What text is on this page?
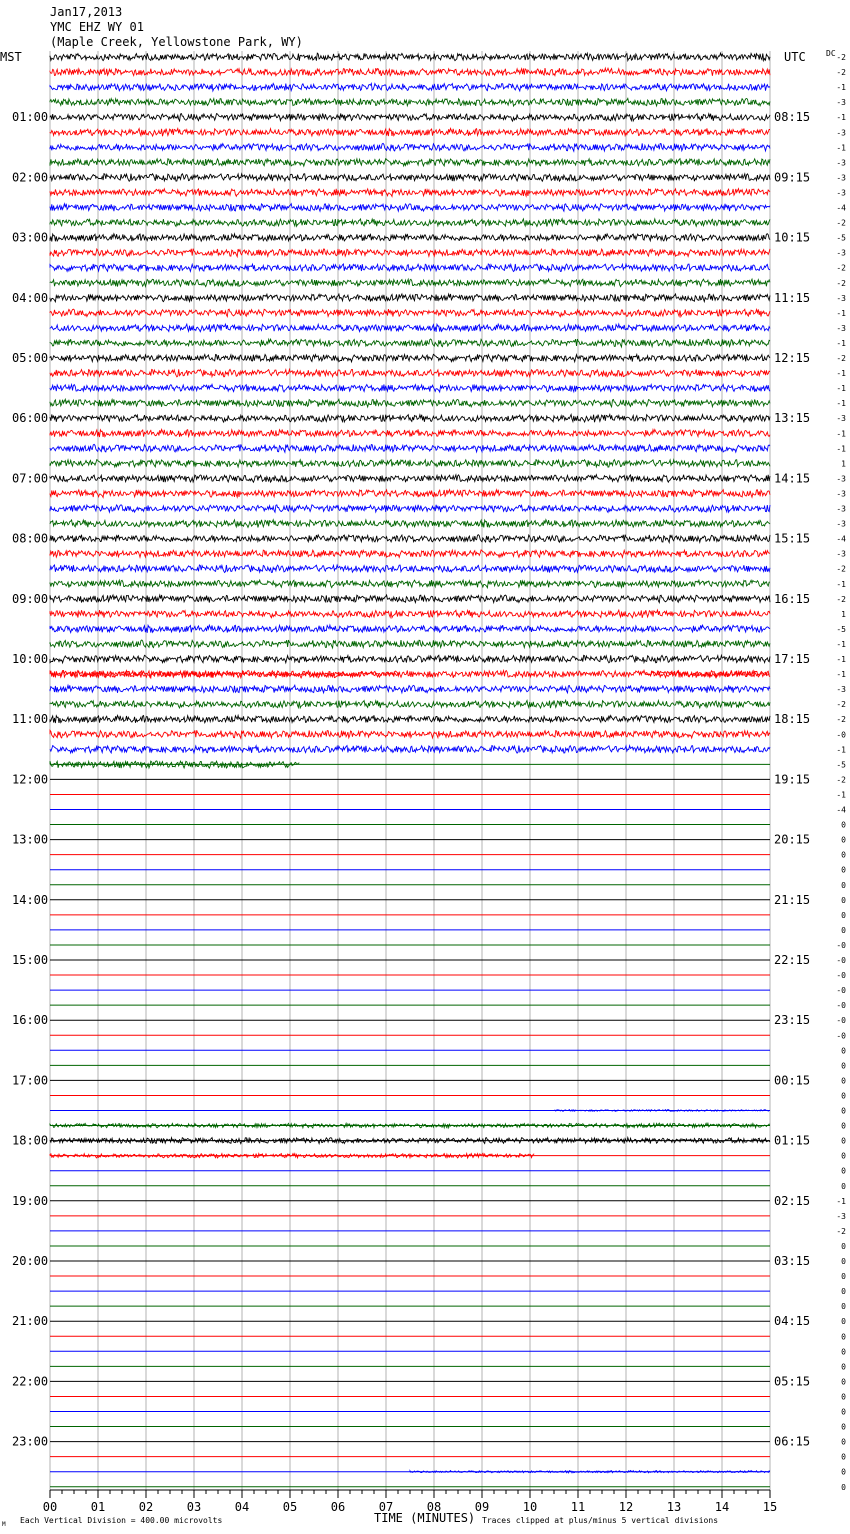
Jan17,2013
YMC EHZ WY 01
(Maple Creek, Yellowstone Park, WY)
MST	UTC	DC
01:00
02:00
03:00
04:00
05:00
06:00
07:00
08:00
09:00
10:00
11:00
12:00
13:00
14:00
15:00
16:00
17:00
18:00
19:00
20:00
21:00
22:00
23:00
08:15
09:15
10:15
11:15
12:15
13:15
14:15
15:15
16:15
17:15
18:15
19:15
20:15
21:15
22:15
23:15
00:15
01:15
02:15
03:15
04:15
05:15
06:15
-2
-2
-1
-3
-1
-3
-1
-3
-3
-3
-4
-2
-5
-3
-2
-2
-3
-1
-3
-1
-2
-1
-1
-1
-3
-1
-1
1
-3
-3
-3
-3
-4
-3
-2
-1
-2
1
-5
-1
-1
-1
-3
-2
-2
-0
-1
-5
-2
-1
-4
0
0
0
0
0
0
0
0
-0
-0
-0
-0
-0
-0
-0
0
0
0
0
0
0
0
0
0
0
-1
-3
-2
0
0
0
0
0
0
0
0
0
0
0
0
0
0
0
0
0
00	01	02	03	04	05	06	07	08	09	10	11	12	13	14	15
TIME (MINUTES)
Each Vertical Division = 400.00 microvolts	Traces clipped at plus/minus 5 vertical divisions
M
